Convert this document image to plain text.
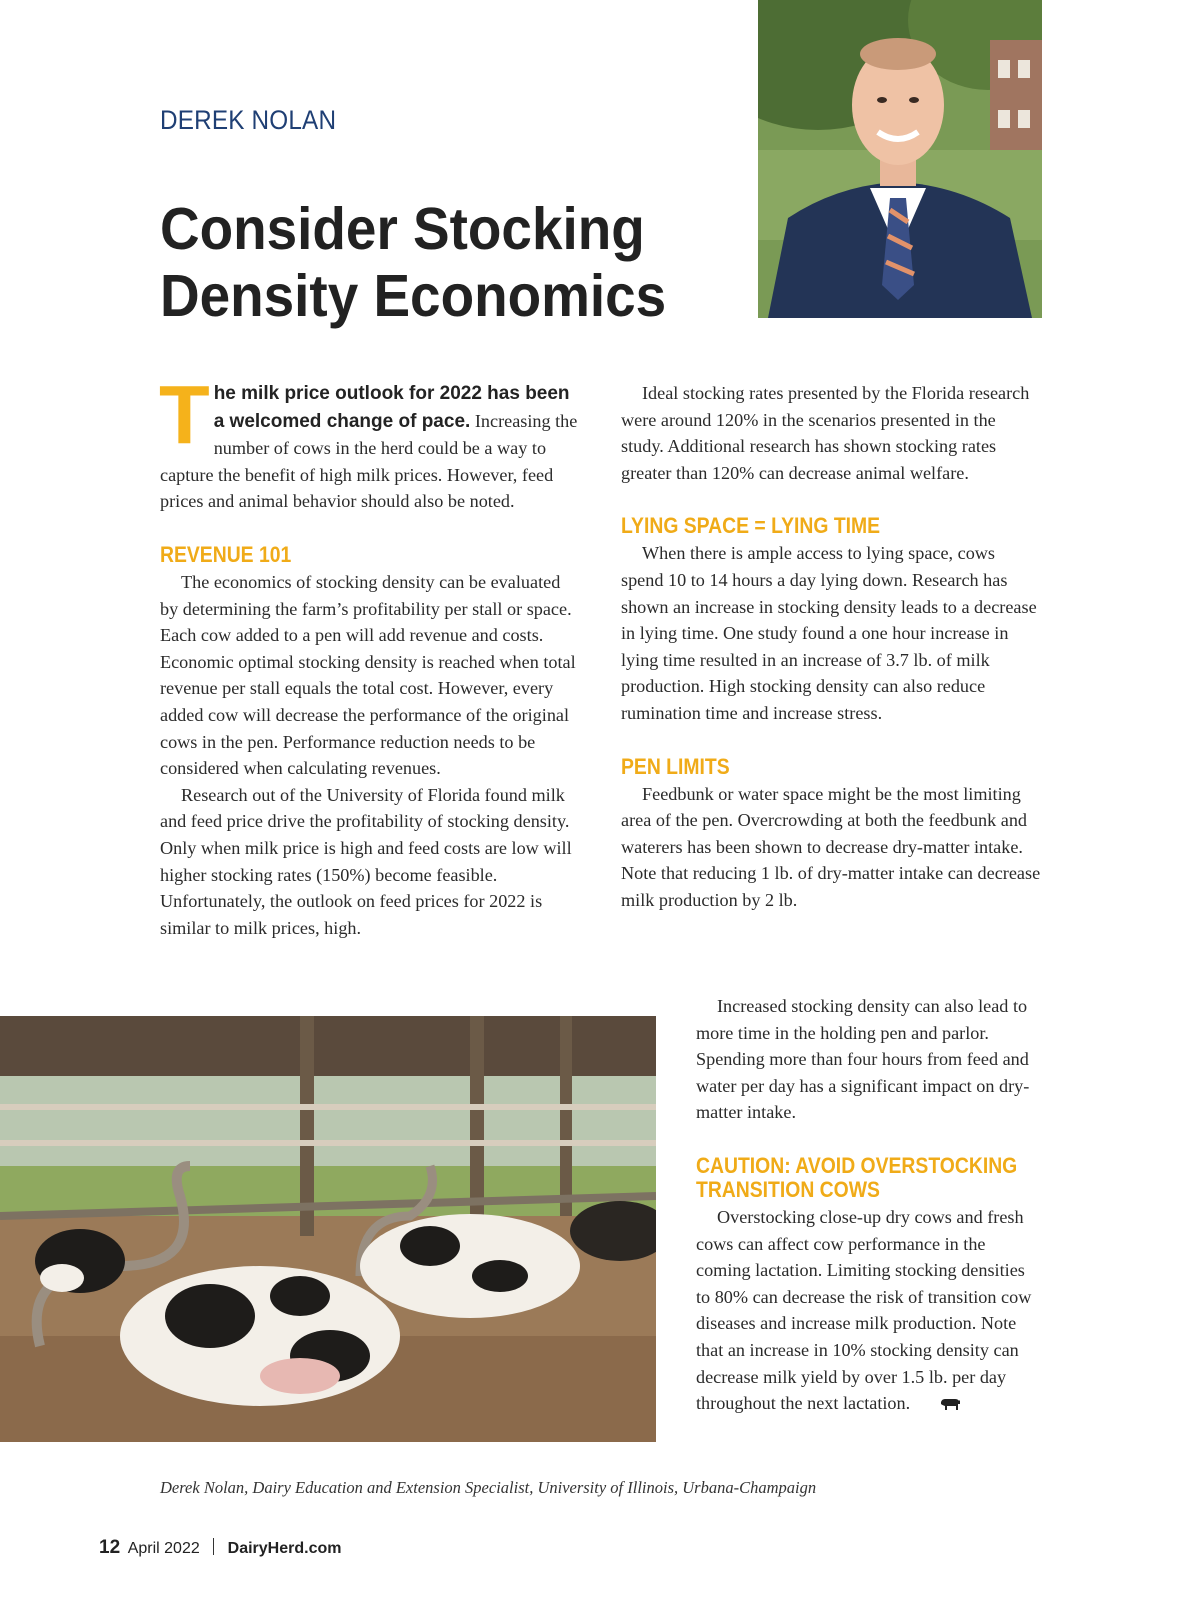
DEREK NOLAN
Consider Stocking
Density Economics

T he milk price outlook for 2022 has been a welcomed change of pace. Increasing the number of cows in the herd could be a way to capture the benefit of high milk prices. However, feed prices and animal behavior should also be noted.

REVENUE 101

The economics of stocking density can be evaluated by determining the farm’s profitability per stall or space. Each cow added to a pen will add revenue and costs. Economic optimal stocking density is reached when total revenue per stall equals the total cost. However, every added cow will decrease the performance of the original cows in the pen. Performance reduction needs to be considered when calculating revenues.

Research out of the University of Florida found milk and feed price drive the profitability of stocking density. Only when milk price is high and feed costs are low will higher stocking rates (150%) become feasible. Unfortunately, the outlook on feed prices for 2022 is similar to milk prices, high.

Ideal stocking rates presented by the Florida research were around 120% in the scenarios presented in the study. Additional research has shown stocking rates greater than 120% can decrease animal welfare.

LYING SPACE = LYING TIME

When there is ample access to lying space, cows spend 10 to 14 hours a day lying down. Research has shown an increase in stocking density leads to a decrease in lying time. One study found a one hour increase in lying time resulted in an increase of 3.7 lb. of milk production. High stocking density can also reduce rumination time and increase stress.

PEN LIMITS

Feedbunk or water space might be the most limiting area of the pen. Overcrowding at both the feedbunk and waterers has been shown to decrease dry-matter intake. Note that reducing 1 lb. of dry-matter intake can decrease milk production by 2 lb.

Increased stocking density can also lead to more time in the holding pen and parlor. Spending more than four hours from feed and water per day has a significant impact on dry-matter intake.

CAUTION: AVOID OVERSTOCKING
TRANSITION COWS

Overstocking close-up dry cows and fresh cows can affect cow performance in the coming lactation. Limiting stocking densities to 80% can decrease the risk of transition cow diseases and increase milk production. Note that an increase in 10% stocking density can decrease milk yield by over 1.5 lb. per day throughout the next lactation.

Derek Nolan, Dairy Education and Extension Specialist, University of Illinois, Urbana-Champaign
12 April 2022 DairyHerd.com
